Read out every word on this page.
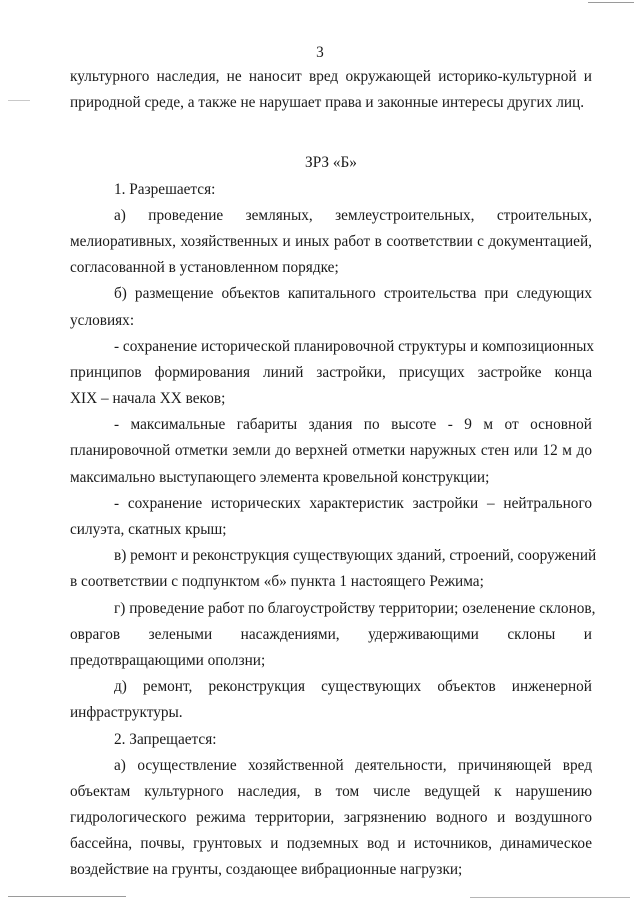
3
культурного наследия, не наносит вред окружающей историко-культурной и
природной среде, а также не нарушает права и законные интересы других лиц.
ЗРЗ «Б»
1. Разрешается:
а) проведение земляных, землеустроительных, строительных,
мелиоративных, хозяйственных и иных работ в соответствии с документацией,
согласованной в установленном порядке;
б) размещение объектов капитального строительства при следующих
условиях:
- сохранение исторической планировочной структуры и композиционных
принципов формирования линий застройки, присущих застройке конца
XIX – начала XX веков;
- максимальные габариты здания по высоте - 9 м от основной
планировочной отметки земли до верхней отметки наружных стен или 12 м до
максимально выступающего элемента кровельной конструкции;
- сохранение исторических характеристик застройки – нейтрального
силуэта, скатных крыш;
в) ремонт и реконструкция существующих зданий, строений, сооружений
в соответствии с подпунктом «б» пункта 1 настоящего Режима;
г) проведение работ по благоустройству территории; озеленение склонов,
оврагов зелеными насаждениями, удерживающими склоны и
предотвращающими оползни;
д) ремонт, реконструкция существующих объектов инженерной
инфраструктуры.
2. Запрещается:
а) осуществление хозяйственной деятельности, причиняющей вред
объектам культурного наследия, в том числе ведущей к нарушению
гидрологического режима территории, загрязнению водного и воздушного
бассейна, почвы, грунтовых и подземных вод и источников, динамическое
воздействие на грунты, создающее вибрационные нагрузки;
